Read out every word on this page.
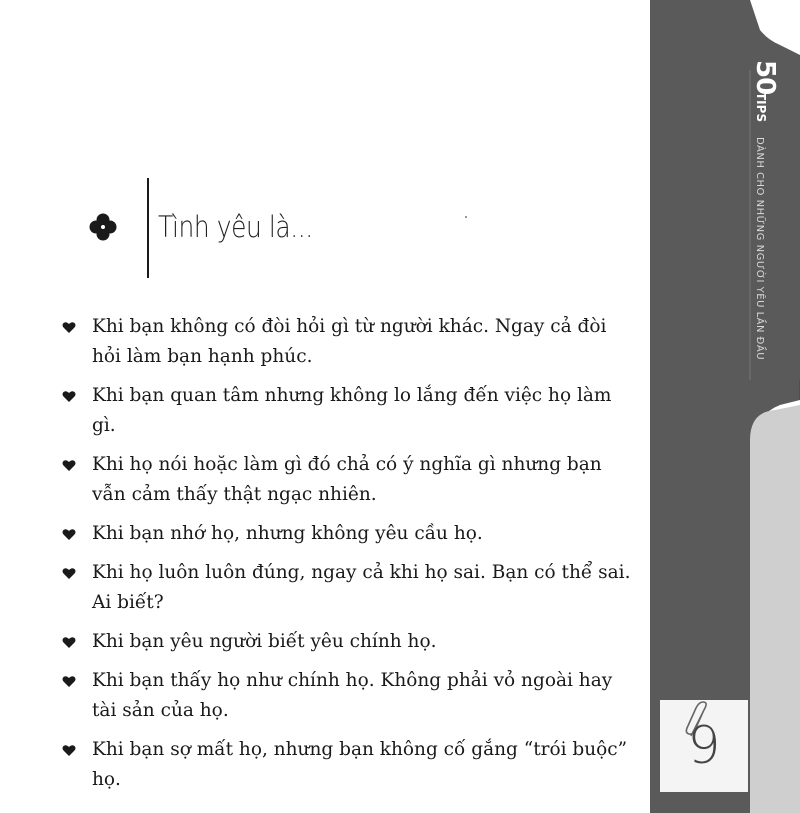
50
TIPS
DÀNH CHO NHỮNG NGƯỜI YÊU LẦN ĐẦU
9
Tình yêu là...
Khi bạn không có đòi hỏi gì từ người khác. Ngay cả đòi hỏi làm bạn hạnh phúc.
Khi bạn quan tâm nhưng không lo lắng đến việc họ làm gì.
Khi họ nói hoặc làm gì đó chả có ý nghĩa gì nhưng bạn vẫn cảm thấy thật ngạc nhiên.
Khi bạn nhớ họ, nhưng không yêu cầu họ.
Khi họ luôn luôn đúng, ngay cả khi họ sai. Bạn có thể sai. Ai biết?
Khi bạn yêu người biết yêu chính họ.
Khi bạn thấy họ như chính họ. Không phải vỏ ngoài hay tài sản của họ.
Khi bạn sợ mất họ, nhưng bạn không cố gắng “trói buộc” họ.
